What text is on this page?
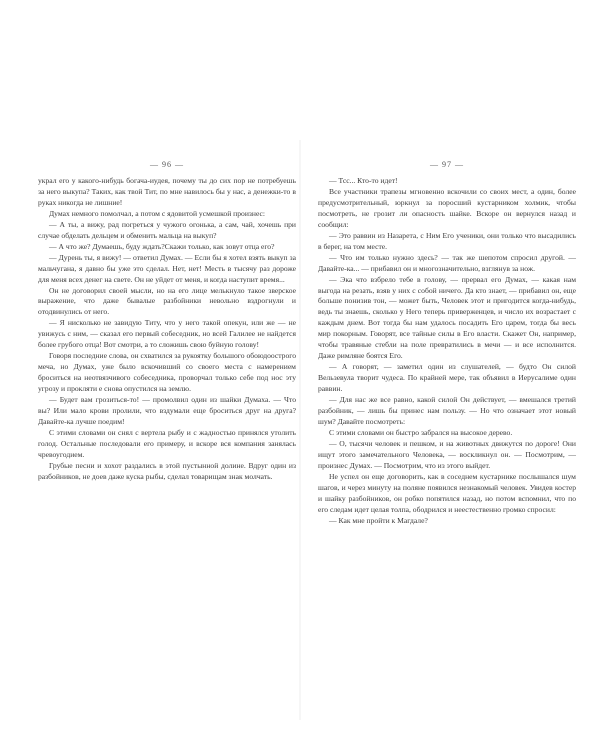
— 96 —

украл его у какого-нибудь богача-иудея, почему ты до сих пор не потребуешь за него выкупа? Таких, как твой Тит, по мне навилось бы у нас, а денежки-то в руках никогда не лишние!

Думах немного помолчал, а потом с ядовитой усмешкой произнес:

— А ты, а вижу, рад погреться у чужого огонька, а сам, чай, хочешь при случае обделать дельцем и обменить мальца на выкуп?

— А что же? Думаешь, буду ждать?Скажи только, как зовут отца его?

— Дурень ты, я вижу! — ответил Думах. — Если бы я хотел взять выкуп за мальчугана, я давно бы уже это сделал. Нет, нет! Месть в тысячу раз дороже для меня всех денег на свете. Он не уйдет от меня, и когда наступит время...

Он не договорил своей мысли, но на его лице мелькнуло такое зверское выражение, что даже бывалые разбойники невольно вздрогнули и отодвинулись от него.

— Я нисколько не завидую Титу, что у него такой опекун, или же — не увижусь с ним, — сказал его первый собеседник, но всей Галилее не найдется более грубого отца! Вот смотри, а то сложишь свою буйную голову!

Говоря последние слова, он схватился за рукоятку большого обоюдоострого меча, но Думах, уже было вскочивший со своего места с намерением броситься на неотвязчивого собеседника, проворчал только себе под нос эту угрозу и прокляти е снова опустился на землю.

— Будет вам грозиться-то! — промолвил один из шайки Думаха. — Что вы? Или мало крови пролили, что вздумали еще броситься друг на друга? Давайте-ка лучше поедим!

С этими словами он снял с вертела рыбу и с жадностью принялся утолить голод. Остальные последовали его примеру, и вскоре вся компания занялась чревоугодием.

Грубые песни и хохот раздались в этой пустынной долине. Вдруг один из разбойников, не доев даже куска рыбы, сделал товарищам знак молчать.

— 97 —

— Тсс... Кто-то идет!

Все участники трапезы мгновенно вскочили со своих мест, а один, более предусмотрительный, юркнул за поросший кустарником холмик, чтобы посмотреть, не грозит ли опасность шайке. Вскоре он вернулся назад и сообщил:

— Это раввин из Назарета, с Ним Его ученики, они только что высадились в берег, на том месте.

— Что им только нужно здесь? — так же шепотом спросил другой. — Давайте-ка... — прибавил он и многозначительно, взглянув за нож.

— Эка что взбрело тебе в голову, — прервал его Думах, — какая нам выгода на резать, взяв у них с собой ничего. Да кто знает, — прибавил он, еще больше понизив тон, — может быть, Человек этот и пригодится когда-нибудь, ведь ты знаешь, сколько у Него теперь приверженцев, и число их возрастает с каждым днем. Вот тогда бы нам удалось посадить Его царем, тогда бы весь мир покорным. Говорят, все тайные силы в Его власти. Скажет Он, например, чтобы травяные стебли на поле превратились в мечи — и все исполнится. Даже римляне боятся Его.

— А говорят, — заметил один из слушателей, — будто Он силой Вельзевула творит чудеса. По крайней мере, так объявил в Иерусалиме один раввин.

— Для нас же все равно, какой силой Он действует, — вмешался третий разбойник, — лишь бы принес нам пользу. — Но что означает этот новый шум? Давайте посмотреть:

С этими словами он быстро забрался на высокое дерево.

— О, тысячи человек и пешком, и на животных движутся по дороге! Они ищут этого замечательного Человека, — воскликнул он. — Посмотрим, — произнес Думах. — Посмотрим, что из этого выйдет.

Не успел он еще договорить, как в соседнем кустарнике послышался шум шагов, и через минуту на поляне появился незнакомый человек. Увидев костер и шайку разбойников, он робко попятился назад, но потом вспомнил, что по его следам идет целая толпа, ободрился и неестественно громко спросил:

— Как мне пройти к Магдале?
